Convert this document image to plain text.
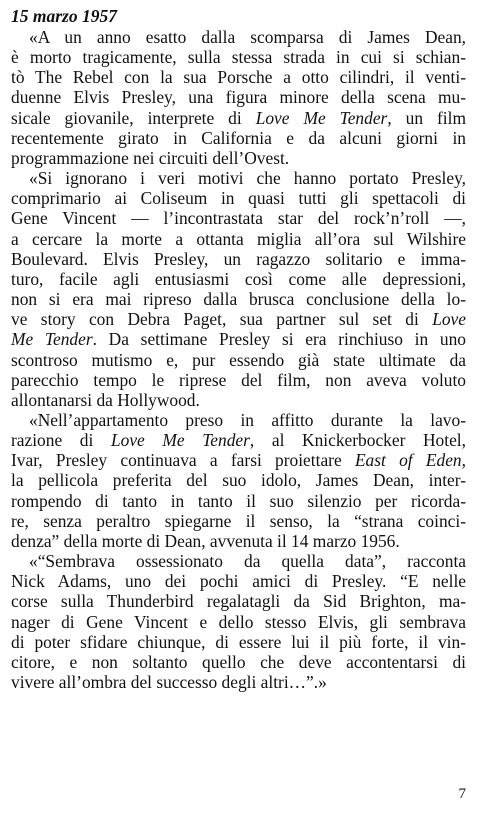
15 marzo 1957

«A un anno esatto dalla scomparsa di James Dean,
è morto tragicamente, sulla stessa strada in cui si schian-
tò The Rebel con la sua Porsche a otto cilindri, il venti-
duenne Elvis Presley, una figura minore della scena mu-
sicale giovanile, interprete di Love Me Tender, un film
recentemente girato in California e da alcuni giorni in
programmazione nei circuiti dell’Ovest.

«Si ignorano i veri motivi che hanno portato Presley,
comprimario ai Coliseum in quasi tutti gli spettacoli di
Gene Vincent — l’incontrastata star del rock’n’roll —,
a cercare la morte a ottanta miglia all’ora sul Wilshire
Boulevard. Elvis Presley, un ragazzo solitario e imma-
turo, facile agli entusiasmi così come alle depressioni,
non si era mai ripreso dalla brusca conclusione della lo-
ve story con Debra Paget, sua partner sul set di Love
Me Tender. Da settimane Presley si era rinchiuso in uno
scontroso mutismo e, pur essendo già state ultimate da
parecchio tempo le riprese del film, non aveva voluto
allontanarsi da Hollywood.

«Nell’appartamento preso in affitto durante la lavo-
razione di Love Me Tender, al Knickerbocker Hotel,
Ivar, Presley continuava a farsi proiettare East of Eden,
la pellicola preferita del suo idolo, James Dean, inter-
rompendo di tanto in tanto il suo silenzio per ricorda-
re, senza peraltro spiegarne il senso, la “strana coinci-
denza” della morte di Dean, avvenuta il 14 marzo 1956.

«“Sembrava ossessionato da quella data”, racconta
Nick Adams, uno dei pochi amici di Presley. “E nelle
corse sulla Thunderbird regalatagli da Sid Brighton, ma-
nager di Gene Vincent e dello stesso Elvis, gli sembrava
di poter sfidare chiunque, di essere lui il più forte, il vin-
citore, e non soltanto quello che deve accontentarsi di
vivere all’ombra del successo degli altri…”.»

7
